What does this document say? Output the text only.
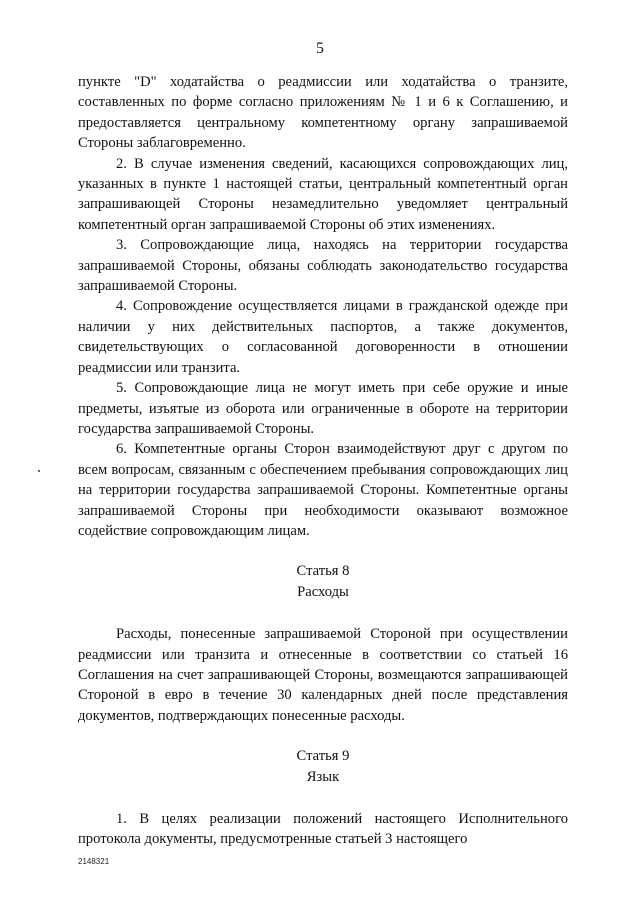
5

пункте "D" ходатайства о реадмиссии или ходатайства о транзите, составленных по форме согласно приложениям № 1 и 6 к Соглашению, и предоставляется центральному компетентному органу запрашиваемой Стороны заблаговременно.

2. В случае изменения сведений, касающихся сопровождающих лиц, указанных в пункте 1 настоящей статьи, центральный компетентный орган запрашивающей Стороны незамедлительно уведомляет центральный компетентный орган запрашиваемой Стороны об этих изменениях.

3. Сопровождающие лица, находясь на территории государства запрашиваемой Стороны, обязаны соблюдать законодательство государства запрашиваемой Стороны.

4. Сопровождение осуществляется лицами в гражданской одежде при наличии у них действительных паспортов, а также документов, свидетельствующих о согласованной договоренности в отношении реадмиссии или транзита.

5. Сопровождающие лица не могут иметь при себе оружие и иные предметы, изъятые из оборота или ограниченные в обороте на территории государства запрашиваемой Стороны.

6. Компетентные органы Сторон взаимодействуют друг с другом по всем вопросам, связанным с обеспечением пребывания сопровождающих лиц на территории государства запрашиваемой Стороны. Компетентные органы запрашиваемой Стороны при необходимости оказывают возможное содействие сопровождающим лицам.

Статья 8

Расходы

Расходы, понесенные запрашиваемой Стороной при осуществлении реадмиссии или транзита и отнесенные в соответствии со статьей 16 Соглашения на счет запрашивающей Стороны, возмещаются запрашивающей Стороной в евро в течение 30 календарных дней после представления документов, подтверждающих понесенные расходы.

Статья 9

Язык

1. В целях реализации положений настоящего Исполнительного протокола документы, предусмотренные статьей 3 настоящего

2148321
